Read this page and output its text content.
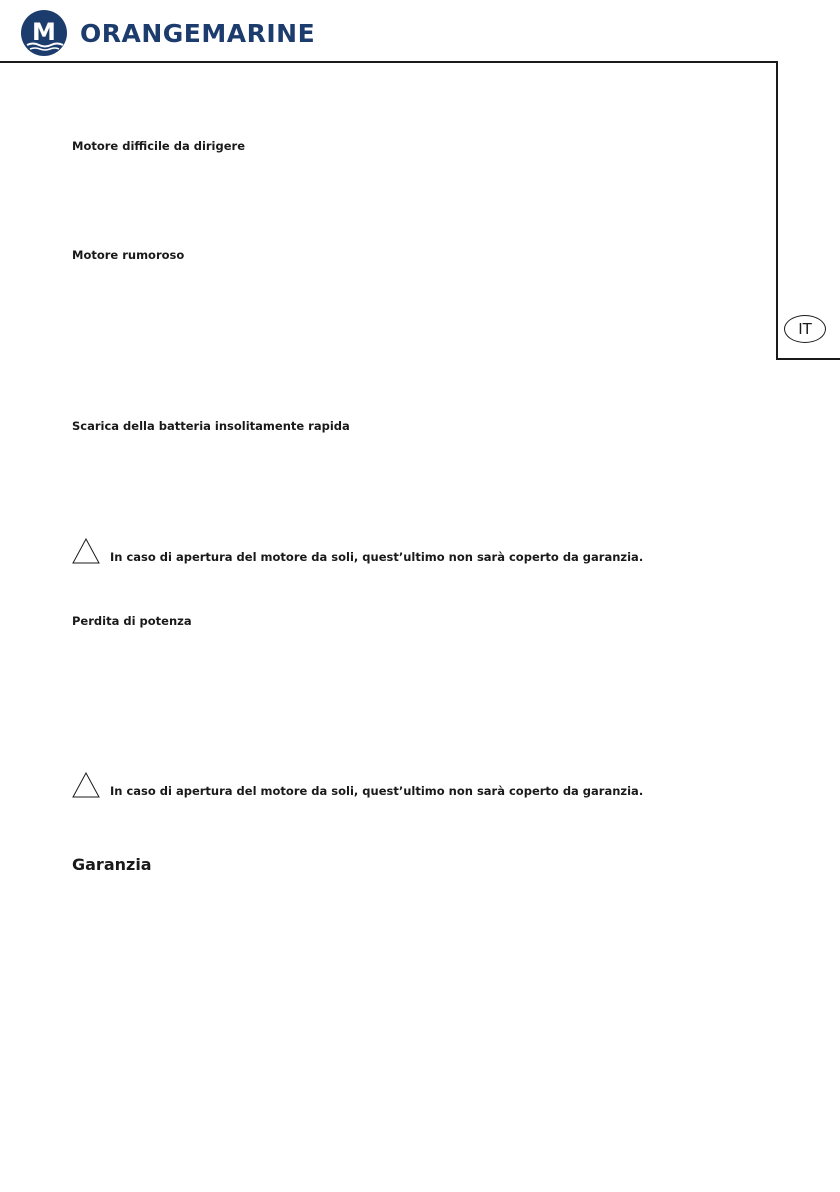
M ORANGEMARINE
IT
Motore difficile da dirigere
Motore rumoroso
Scarica della batteria insolitamente rapida
In caso di apertura del motore da soli, quest’ultimo non sarà coperto da garanzia.
Perdita di potenza
In caso di apertura del motore da soli, quest’ultimo non sarà coperto da garanzia.
Garanzia
